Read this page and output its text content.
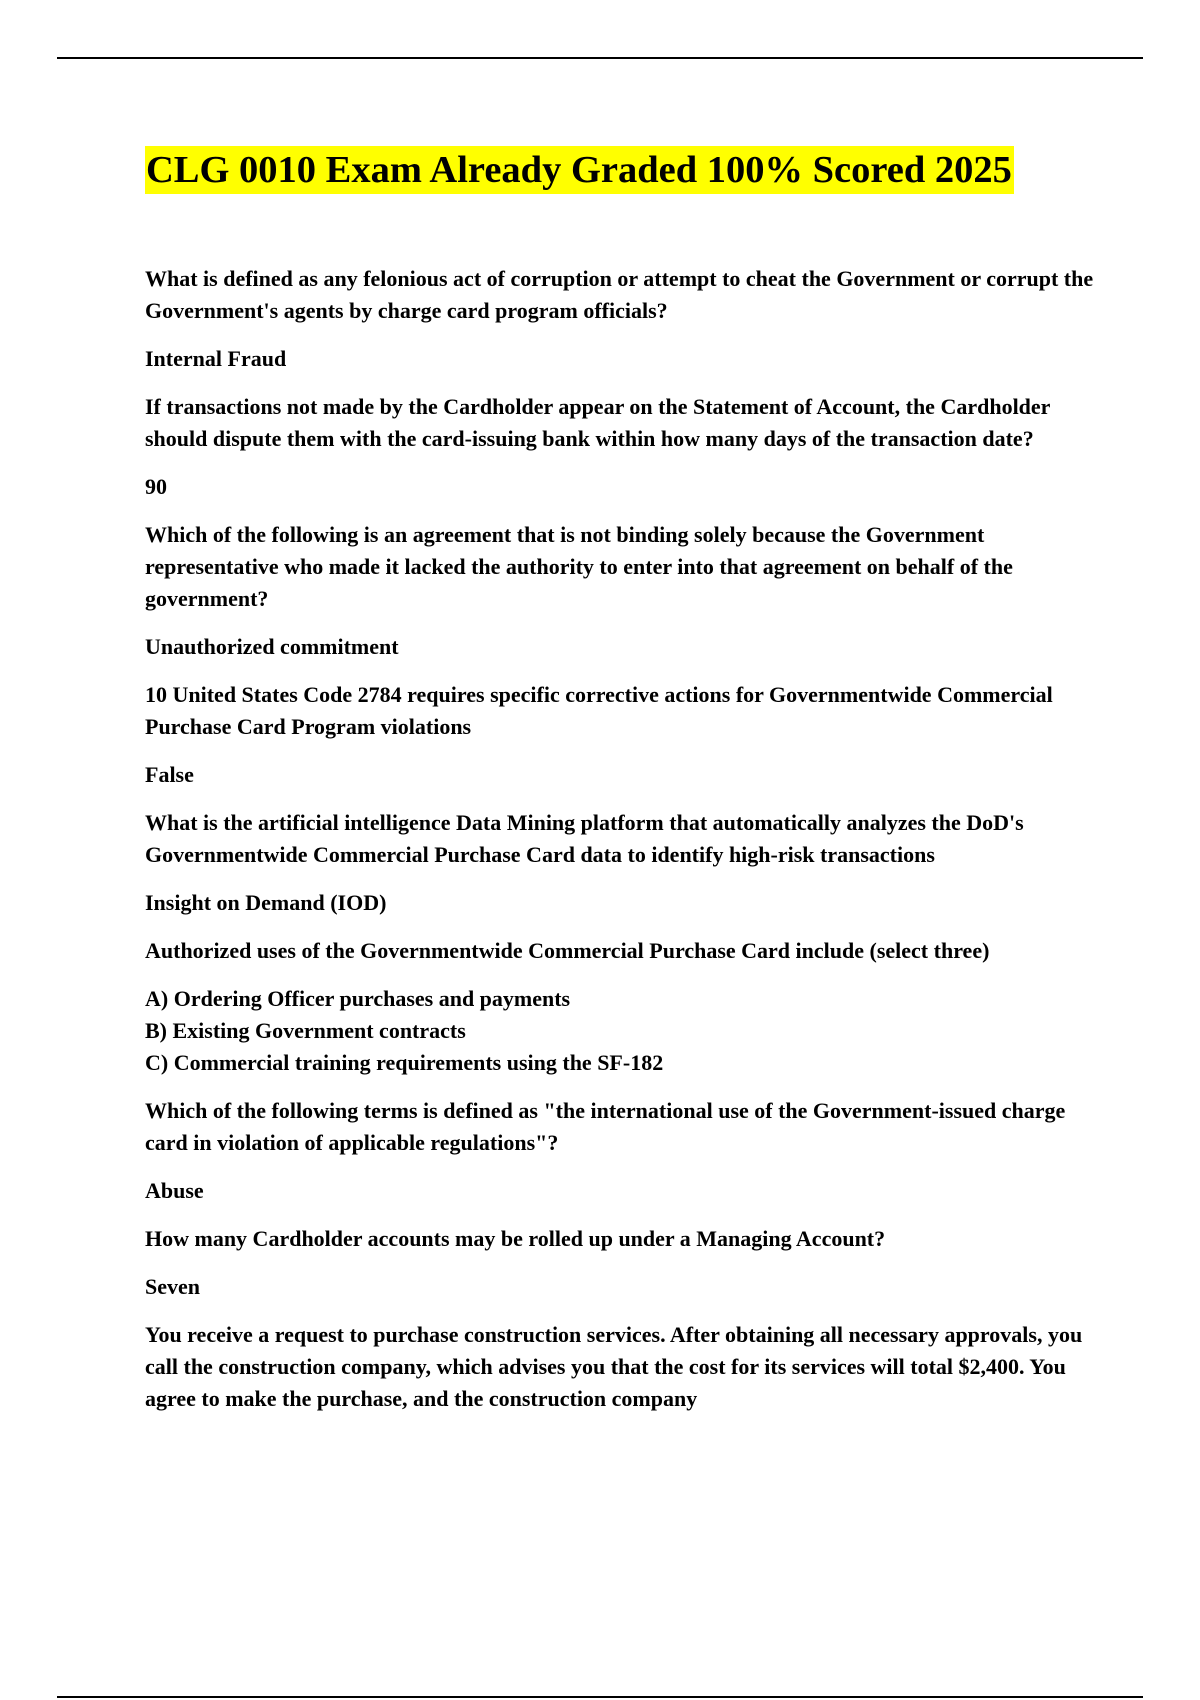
CLG 0010 Exam Already Graded 100% Scored 2025

What is defined as any felonious act of corruption or attempt to cheat the Government or corrupt the Government's agents by charge card program officials?

Internal Fraud

If transactions not made by the Cardholder appear on the Statement of Account, the Cardholder should dispute them with the card-issuing bank within how many days of the transaction date?

90

Which of the following is an agreement that is not binding solely because the Government representative who made it lacked the authority to enter into that agreement on behalf of the government?

Unauthorized commitment

10 United States Code 2784 requires specific corrective actions for Governmentwide Commercial Purchase Card Program violations

False

What is the artificial intelligence Data Mining platform that automatically analyzes the DoD's Governmentwide Commercial Purchase Card data to identify high-risk transactions

Insight on Demand (IOD)

Authorized uses of the Governmentwide Commercial Purchase Card include (select three)

A) Ordering Officer purchases and payments
B) Existing Government contracts
C) Commercial training requirements using the SF-182

Which of the following terms is defined as "the international use of the Government-issued charge card in violation of applicable regulations"?

Abuse

How many Cardholder accounts may be rolled up under a Managing Account?

Seven

You receive a request to purchase construction services. After obtaining all necessary approvals, you call the construction company, which advises you that the cost for its services will total $2,400. You agree to make the purchase, and the construction company
